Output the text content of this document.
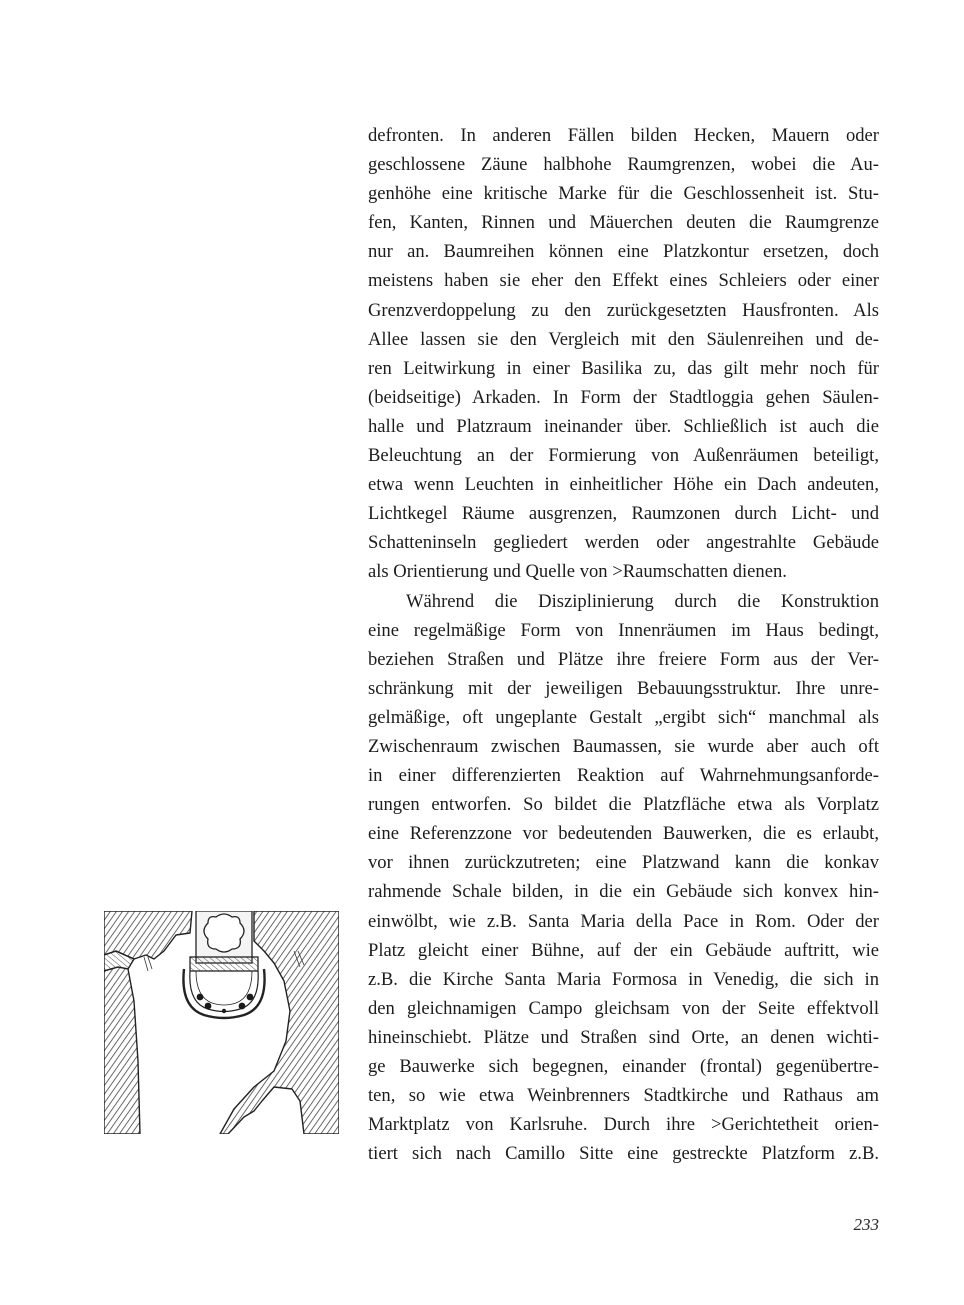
defronten. In anderen Fällen bilden Hecken, Mauern oder
geschlossene Zäune halbhohe Raumgrenzen, wobei die Au-
genhöhe eine kritische Marke für die Geschlossenheit ist. Stu-
fen, Kanten, Rinnen und Mäuerchen deuten die Raumgrenze
nur an. Baumreihen können eine Platzkontur ersetzen, doch
meistens haben sie eher den Effekt eines Schleiers oder einer
Grenzverdoppelung zu den zurückgesetzten Hausfronten. Als
Allee lassen sie den Vergleich mit den Säulenreihen und de-
ren Leitwirkung in einer Basilika zu, das gilt mehr noch für
(beidseitige) Arkaden. In Form der Stadtloggia gehen Säulen-
halle und Platzraum ineinander über. Schließlich ist auch die
Beleuchtung an der Formierung von Außenräumen beteiligt,
etwa wenn Leuchten in einheitlicher Höhe ein Dach andeuten,
Lichtkegel Räume ausgrenzen, Raumzonen durch Licht- und
Schatteninseln gegliedert werden oder angestrahlte Gebäude
als Orientierung und Quelle von >Raumschatten dienen.
Während die Disziplinierung durch die Konstruktion
eine regelmäßige Form von Innenräumen im Haus bedingt,
beziehen Straßen und Plätze ihre freiere Form aus der Ver-
schränkung mit der jeweiligen Bebauungsstruktur. Ihre unre-
gelmäßige, oft ungeplante Gestalt „ergibt sich“ manchmal als
Zwischenraum zwischen Baumassen, sie wurde aber auch oft
in einer differenzierten Reaktion auf Wahrnehmungsanforde-
rungen entworfen. So bildet die Platzfläche etwa als Vorplatz
eine Referenzzone vor bedeutenden Bauwerken, die es erlaubt,
vor ihnen zurückzutreten; eine Platzwand kann die konkav
rahmende Schale bilden, in die ein Gebäude sich konvex hin-
einwölbt, wie z.B. Santa Maria della Pace in Rom. Oder der
Platz gleicht einer Bühne, auf der ein Gebäude auftritt, wie
z.B. die Kirche Santa Maria Formosa in Venedig, die sich in
den gleichnamigen Campo gleichsam von der Seite effektvoll
hineinschiebt. Plätze und Straßen sind Orte, an denen wichti-
ge Bauwerke sich begegnen, einander (frontal) gegenübertre-
ten, so wie etwa Weinbrenners Stadtkirche und Rathaus am
Marktplatz von Karlsruhe. Durch ihre >Gerichtetheit orien-
tiert sich nach Camillo Sitte eine gestreckte Platzform z.B.
233
